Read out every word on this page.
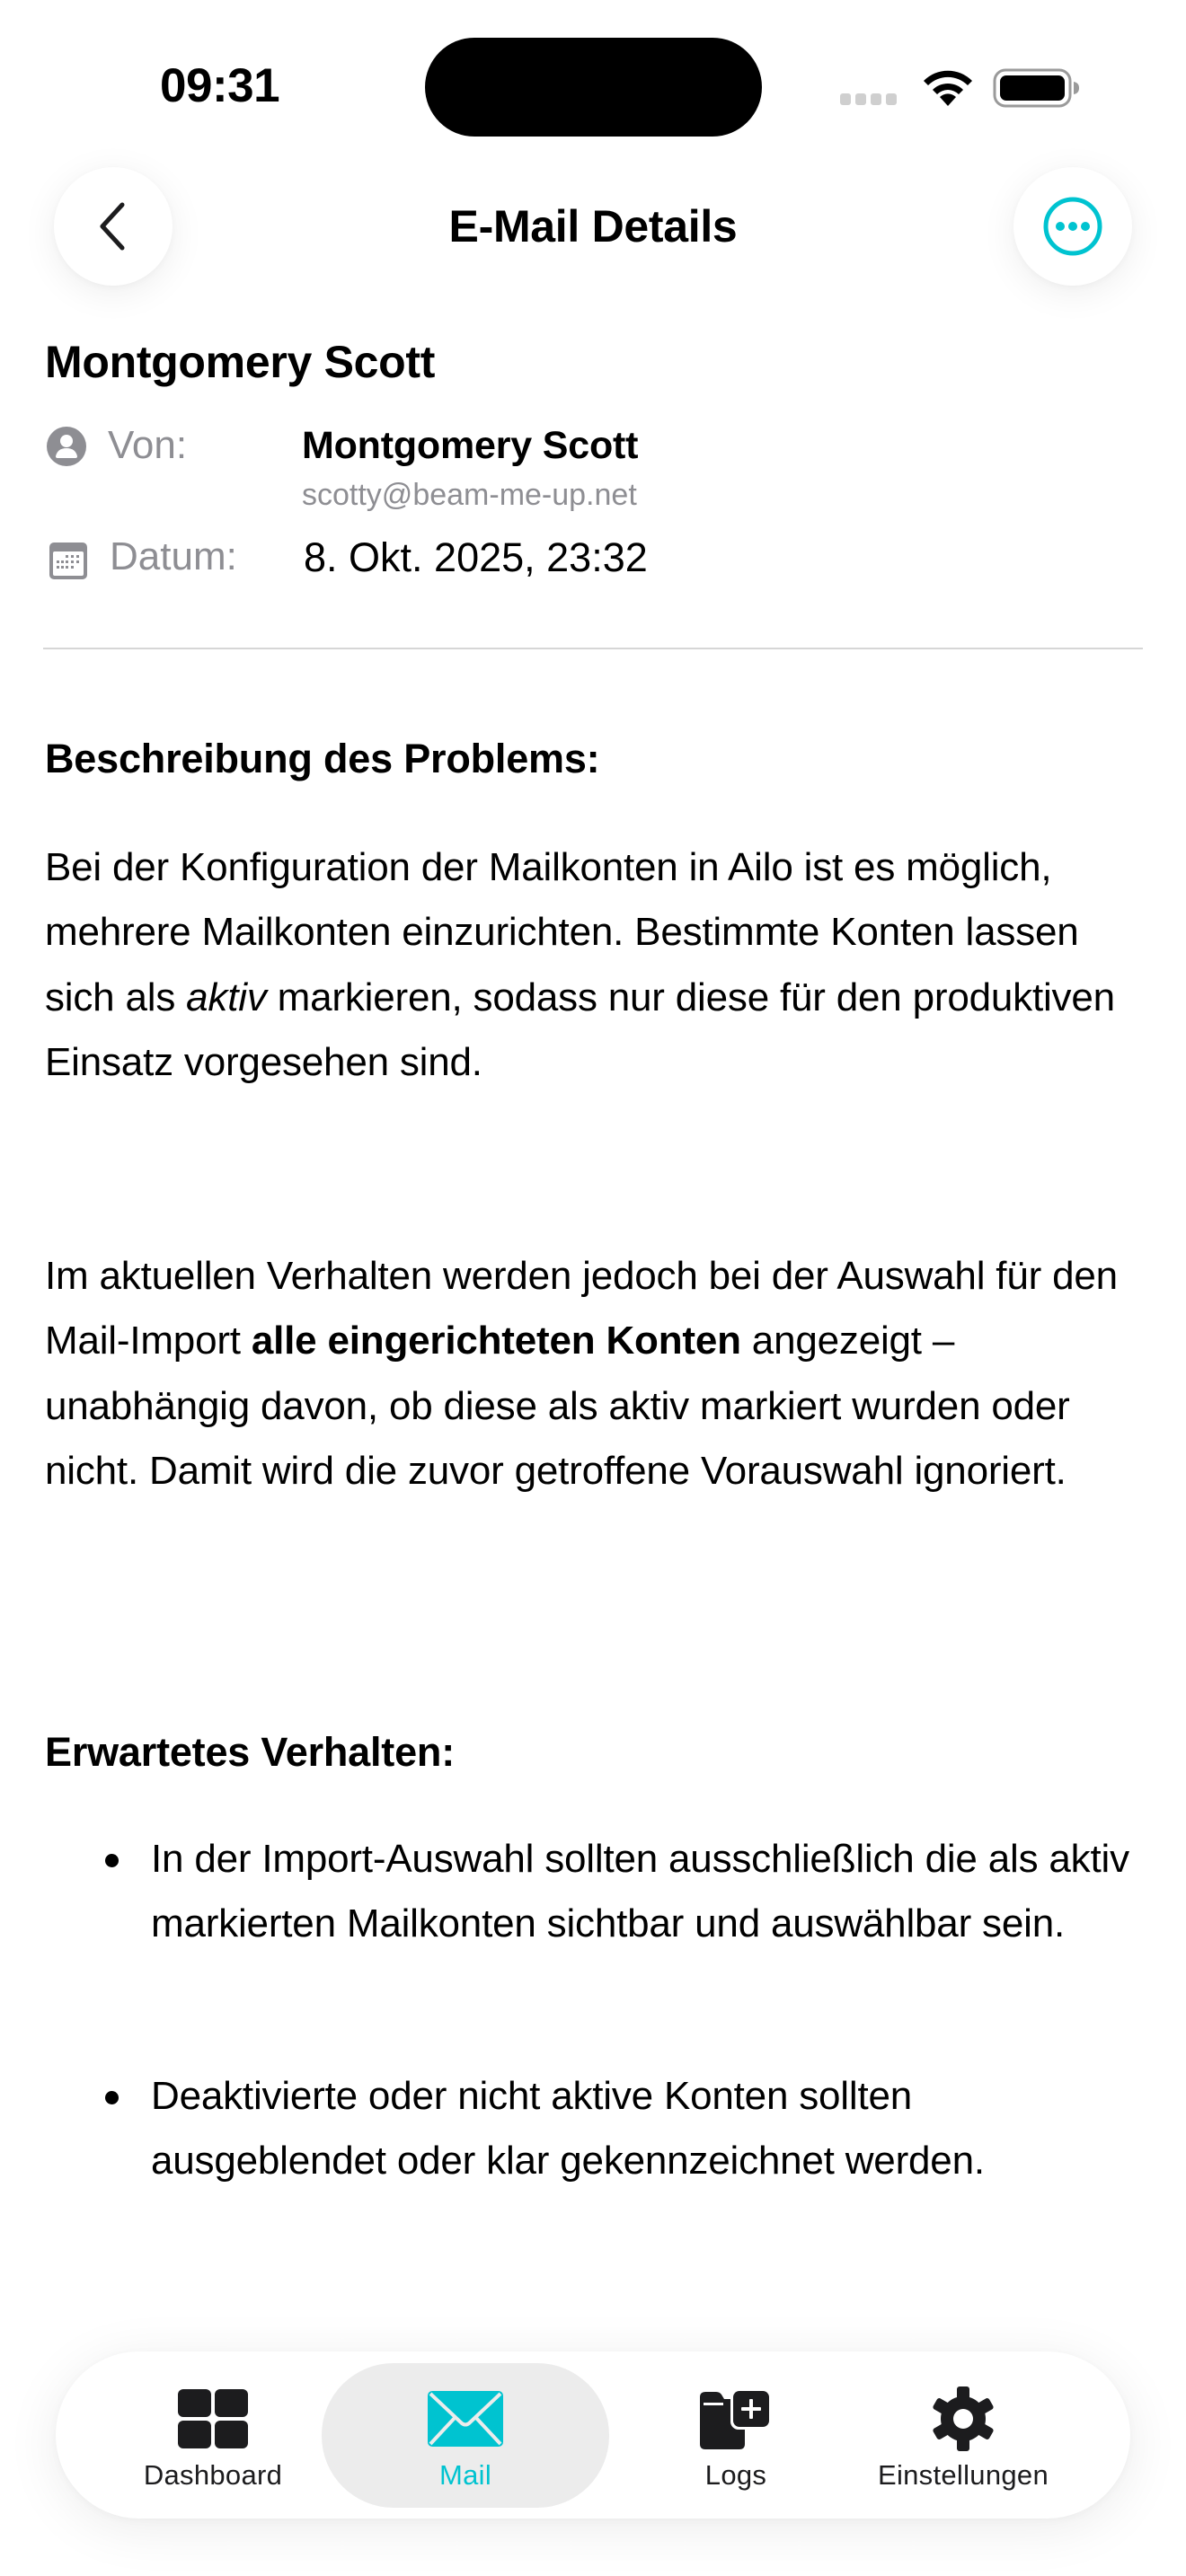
09:31
E-Mail Details
Montgomery Scott
Von:	Montgomery Scott
scotty@beam-me-up.net
Datum: 8. Okt. 2025, 23:32
Beschreibung des Problems:
Bei der Konfiguration der Mailkonten in Ailo ist es möglich, mehrere Mailkonten einzurichten. Bestimmte Konten lassen sich als aktiv markieren, sodass nur diese für den produktiven Einsatz vorgesehen sind.
Im aktuellen Verhalten werden jedoch bei der Auswahl für den Mail-Import alle eingerichteten Konten angezeigt – unabhängig davon, ob diese als aktiv markiert wurden oder nicht. Damit wird die zuvor getroffene Vorauswahl ignoriert.
Erwartetes Verhalten:
In der Import-Auswahl sollten ausschließlich die als aktiv markierten Mailkonten sichtbar und auswählbar sein.
Deaktivierte oder nicht aktive Konten sollten ausgeblendet oder klar gekennzeichnet werden.
Dashboard	Mail	Logs	Einstellungen
